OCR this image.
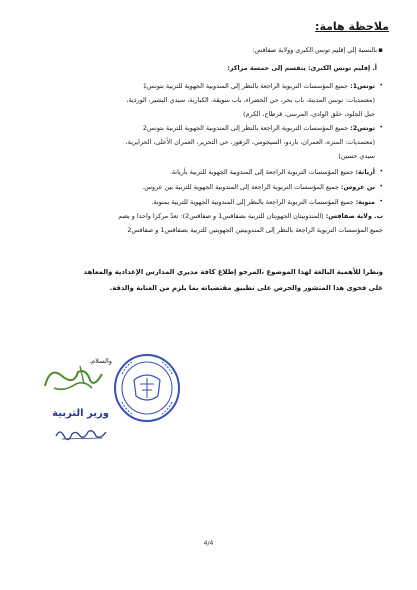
ملاحظة هامة:
بالنسبة إلى إقليم تونس الكبرى وولاية صفاقس: ▪
أ. إقليم تونس الكبرى: ينقسم إلى خمسة مراكز:
•
تونس1: جميع المؤسسات التربوية الراجعة بالنظر إلى المندوبية الجهوية للتربية بتونس1
(معتمديات: تونس المدينة، باب بحر، حي الخضراء، باب سويقة، الكبارية، سيدي البشير، الوردية،
جبل الجلود، حلق الوادي، المرسى، قرطاج، الكرم)
•
تونس2: جميع المؤسسات التربوية الراجعة بالنظر إلى المندوبية الجهوية للتربية بتونس2
(معتمديات: المنزه، العمران، باردو، السيجومي، الزهور، حي التحرير، العمران الأعلى، الحرايرية،
سيدي حسين)
•
أريانة: جميع المؤسسات التربوية الراجعة إلى المندوبية الجهوية للتربية بأريانة.
•
بن عروس: جميع المؤسسات التربوية الراجعة إلى المندوبية الجهوية للتربية بين عروس.
•
منوبة: جميع المؤسسات التربوية الراجعة بالنظر إلى المندوبية الجهوية للتربية بمنوبة.
ب. ولاية صفاقس: (المندوبيتان الجهويتان للتربية بصفاقس1 و صفاقس2): تعدّ مركزا واحدا و يضم
جميع المؤسسات التربوية الراجعة بالنظر إلى المندوبيتين الجهويتين للتربية بصفاقس1 و صفاقس2
ونظرا للأهمية البالغة لهذا الموضوع ،المرجو إطلاع كافة مديري المدارس الإعدادية والمعاهد
على فحوى هذا المنشور والحرص على تطبيق مقتضياته بما يلزم من العناية والدقة.
والسلام.
وزير التربية
4/4
